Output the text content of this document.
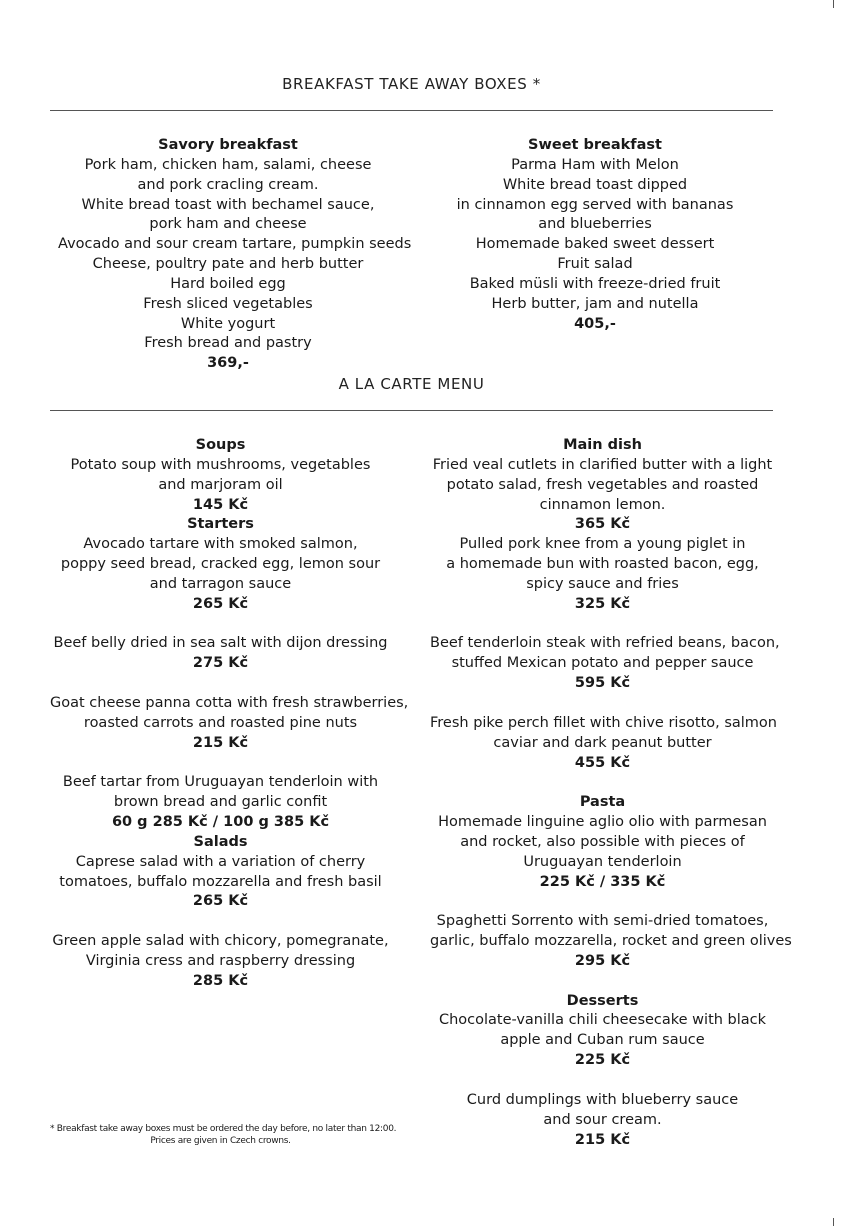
BREAKFAST TAKE AWAY BOXES *
Savory breakfast
Pork ham, chicken ham, salami, cheese
and pork cracling cream.
White bread toast with bechamel sauce,
pork ham and cheese
Avocado and sour cream tartare, pumpkin seeds
Cheese, poultry pate and herb butter
Hard boiled egg
Fresh sliced vegetables
White yogurt
Fresh bread and pastry
369,-
Sweet breakfast
Parma Ham with Melon
White bread toast dipped
in cinnamon egg served with bananas
and blueberries
Homemade baked sweet dessert
Fruit salad
Baked müsli with freeze-dried fruit
Herb butter, jam and nutella
405,-
A LA CARTE MENU
Soups
Potato soup with mushrooms, vegetables
and marjoram oil
145 Kč
Starters
Avocado tartare with smoked salmon,
poppy seed bread, cracked egg, lemon sour
and tarragon sauce
265 Kč
Beef belly dried in sea salt with dijon dressing
275 Kč
Goat cheese panna cotta with fresh strawberries,
roasted carrots and roasted pine nuts
215 Kč
Beef tartar from Uruguayan tenderloin with
brown bread and garlic confit
60 g 285 Kč / 100 g 385 Kč
Salads
Caprese salad with a variation of cherry
tomatoes, buffalo mozzarella and fresh basil
265 Kč
Green apple salad with chicory, pomegranate,
Virginia cress and raspberry dressing
285 Kč
Main dish
Fried veal cutlets in clarified butter with a light
potato salad, fresh vegetables and roasted
cinnamon lemon.
365 Kč
Pulled pork knee from a young piglet in
a homemade bun with roasted bacon, egg,
spicy sauce and fries
325 Kč
Beef tenderloin steak with refried beans, bacon,
stuffed Mexican potato and pepper sauce
595 Kč
Fresh pike perch fillet with chive risotto, salmon
caviar and dark peanut butter
455 Kč
Pasta
Homemade linguine aglio olio with parmesan
and rocket, also possible with pieces of
Uruguayan tenderloin
225 Kč / 335 Kč
Spaghetti Sorrento with semi-dried tomatoes,
garlic, buffalo mozzarella, rocket and green olives
295 Kč
Desserts
Chocolate-vanilla chili cheesecake with black
apple and Cuban rum sauce
225 Kč
Curd dumplings with blueberry sauce
and sour cream.
215 Kč
* Breakfast take away boxes must be ordered the day before, no later than 12:00.
Prices are given in Czech crowns.
